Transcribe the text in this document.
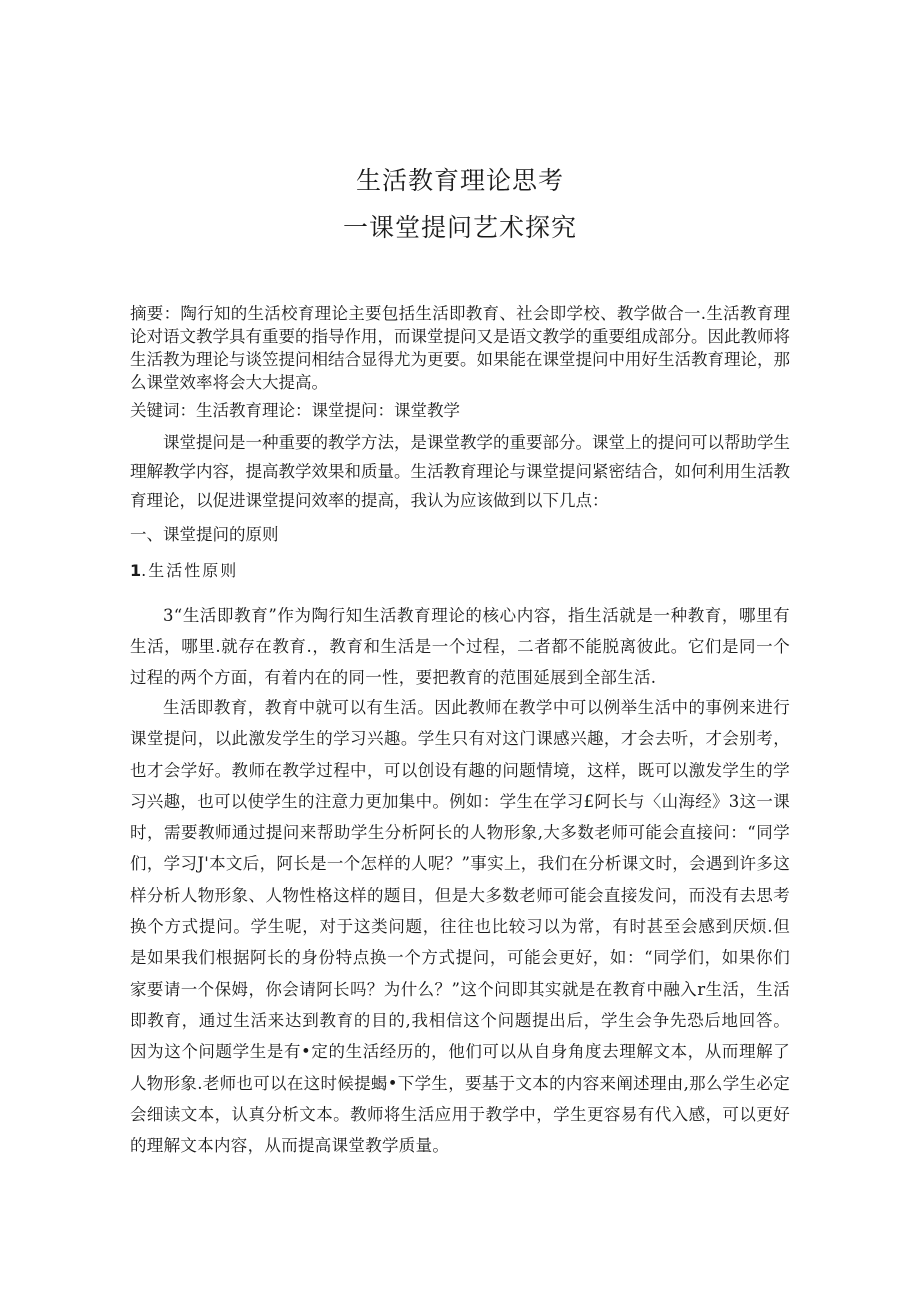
生活教育理论思考
一课堂提问艺术探究

摘要：陶行知的生活校育理论主要包括生活即教育、社会即学校、教学做合一.生活教育理论对语文教学具有重要的指导作用，而课堂提问又是语文教学的重要组成部分。因此教师将生活教为理论与谈笠提问相结合显得尤为更要。如果能在课堂提问中用好生活教育理论，那么课堂效率将会大大提高。

关键词：生活教育理论：课堂提问：课堂教学

课堂提问是一种重要的教学方法，是课堂教学的重要部分。课堂上的提问可以帮助学生理解教学内容，提高教学效果和质量。生活教育理论与课堂提问紧密结合，如何利用生活教育理论，以促进课堂提问效率的提高，我认为应该做到以下几点：

一、课堂提问的原则

1.生活性原则

3“生活即教育”作为陶行知生活教育理论的核心内容，指生活就是一种教育，哪里有生活，哪里.就存在教育.，教育和生活是一个过程，二者都不能脱离彼此。它们是同一个过程的两个方面，有着内在的同一性，要把教育的范围延展到全部生活.

生活即教育，教育中就可以有生活。因此教师在教学中可以例举生活中的事例来进行课堂提问，以此激发学生的学习兴趣。学生只有对这门课感兴趣，才会去听，才会别考，也才会学好。教师在教学过程中，可以创设有趣的问题情境，这样，既可以激发学生的学习兴趣，也可以使学生的注意力更加集中。例如：学生在学习£阿长与〈山海经》3这一课时，需要教师通过提问来帮助学生分析阿长的人物形象,大多数老师可能会直接问：“同学们，学习J'本文后，阿长是一个怎样的人呢？”事实上，我们在分析课文时，会遇到许多这样分析人物形象、人物性格这样的题目，但是大多数老师可能会直接发问，而没有去思考换个方式提问。学生呢，对于这类问题，往往也比较习以为常，有时甚至会感到厌烦.但是如果我们根据阿长的身份特点换一个方式提问，可能会更好，如：“同学们，如果你们家要请一个保姆，你会请阿长吗？为什么？”这个问即其实就是在教育中融入r生活，生活即教育，通过生活来达到教育的目的,我相信这个问题提出后，学生会争先恐后地回答。因为这个问题学生是有•定的生活经历的，他们可以从自身角度去理解文本，从而理解了人物形象.老师也可以在这时候提蝎•下学生，要基于文本的内容来阐述理由,那么学生必定会细读文本，认真分析文本。教师将生活应用于教学中，学生更容易有代入感，可以更好的理解文本内容，从而提高课堂教学质量。
